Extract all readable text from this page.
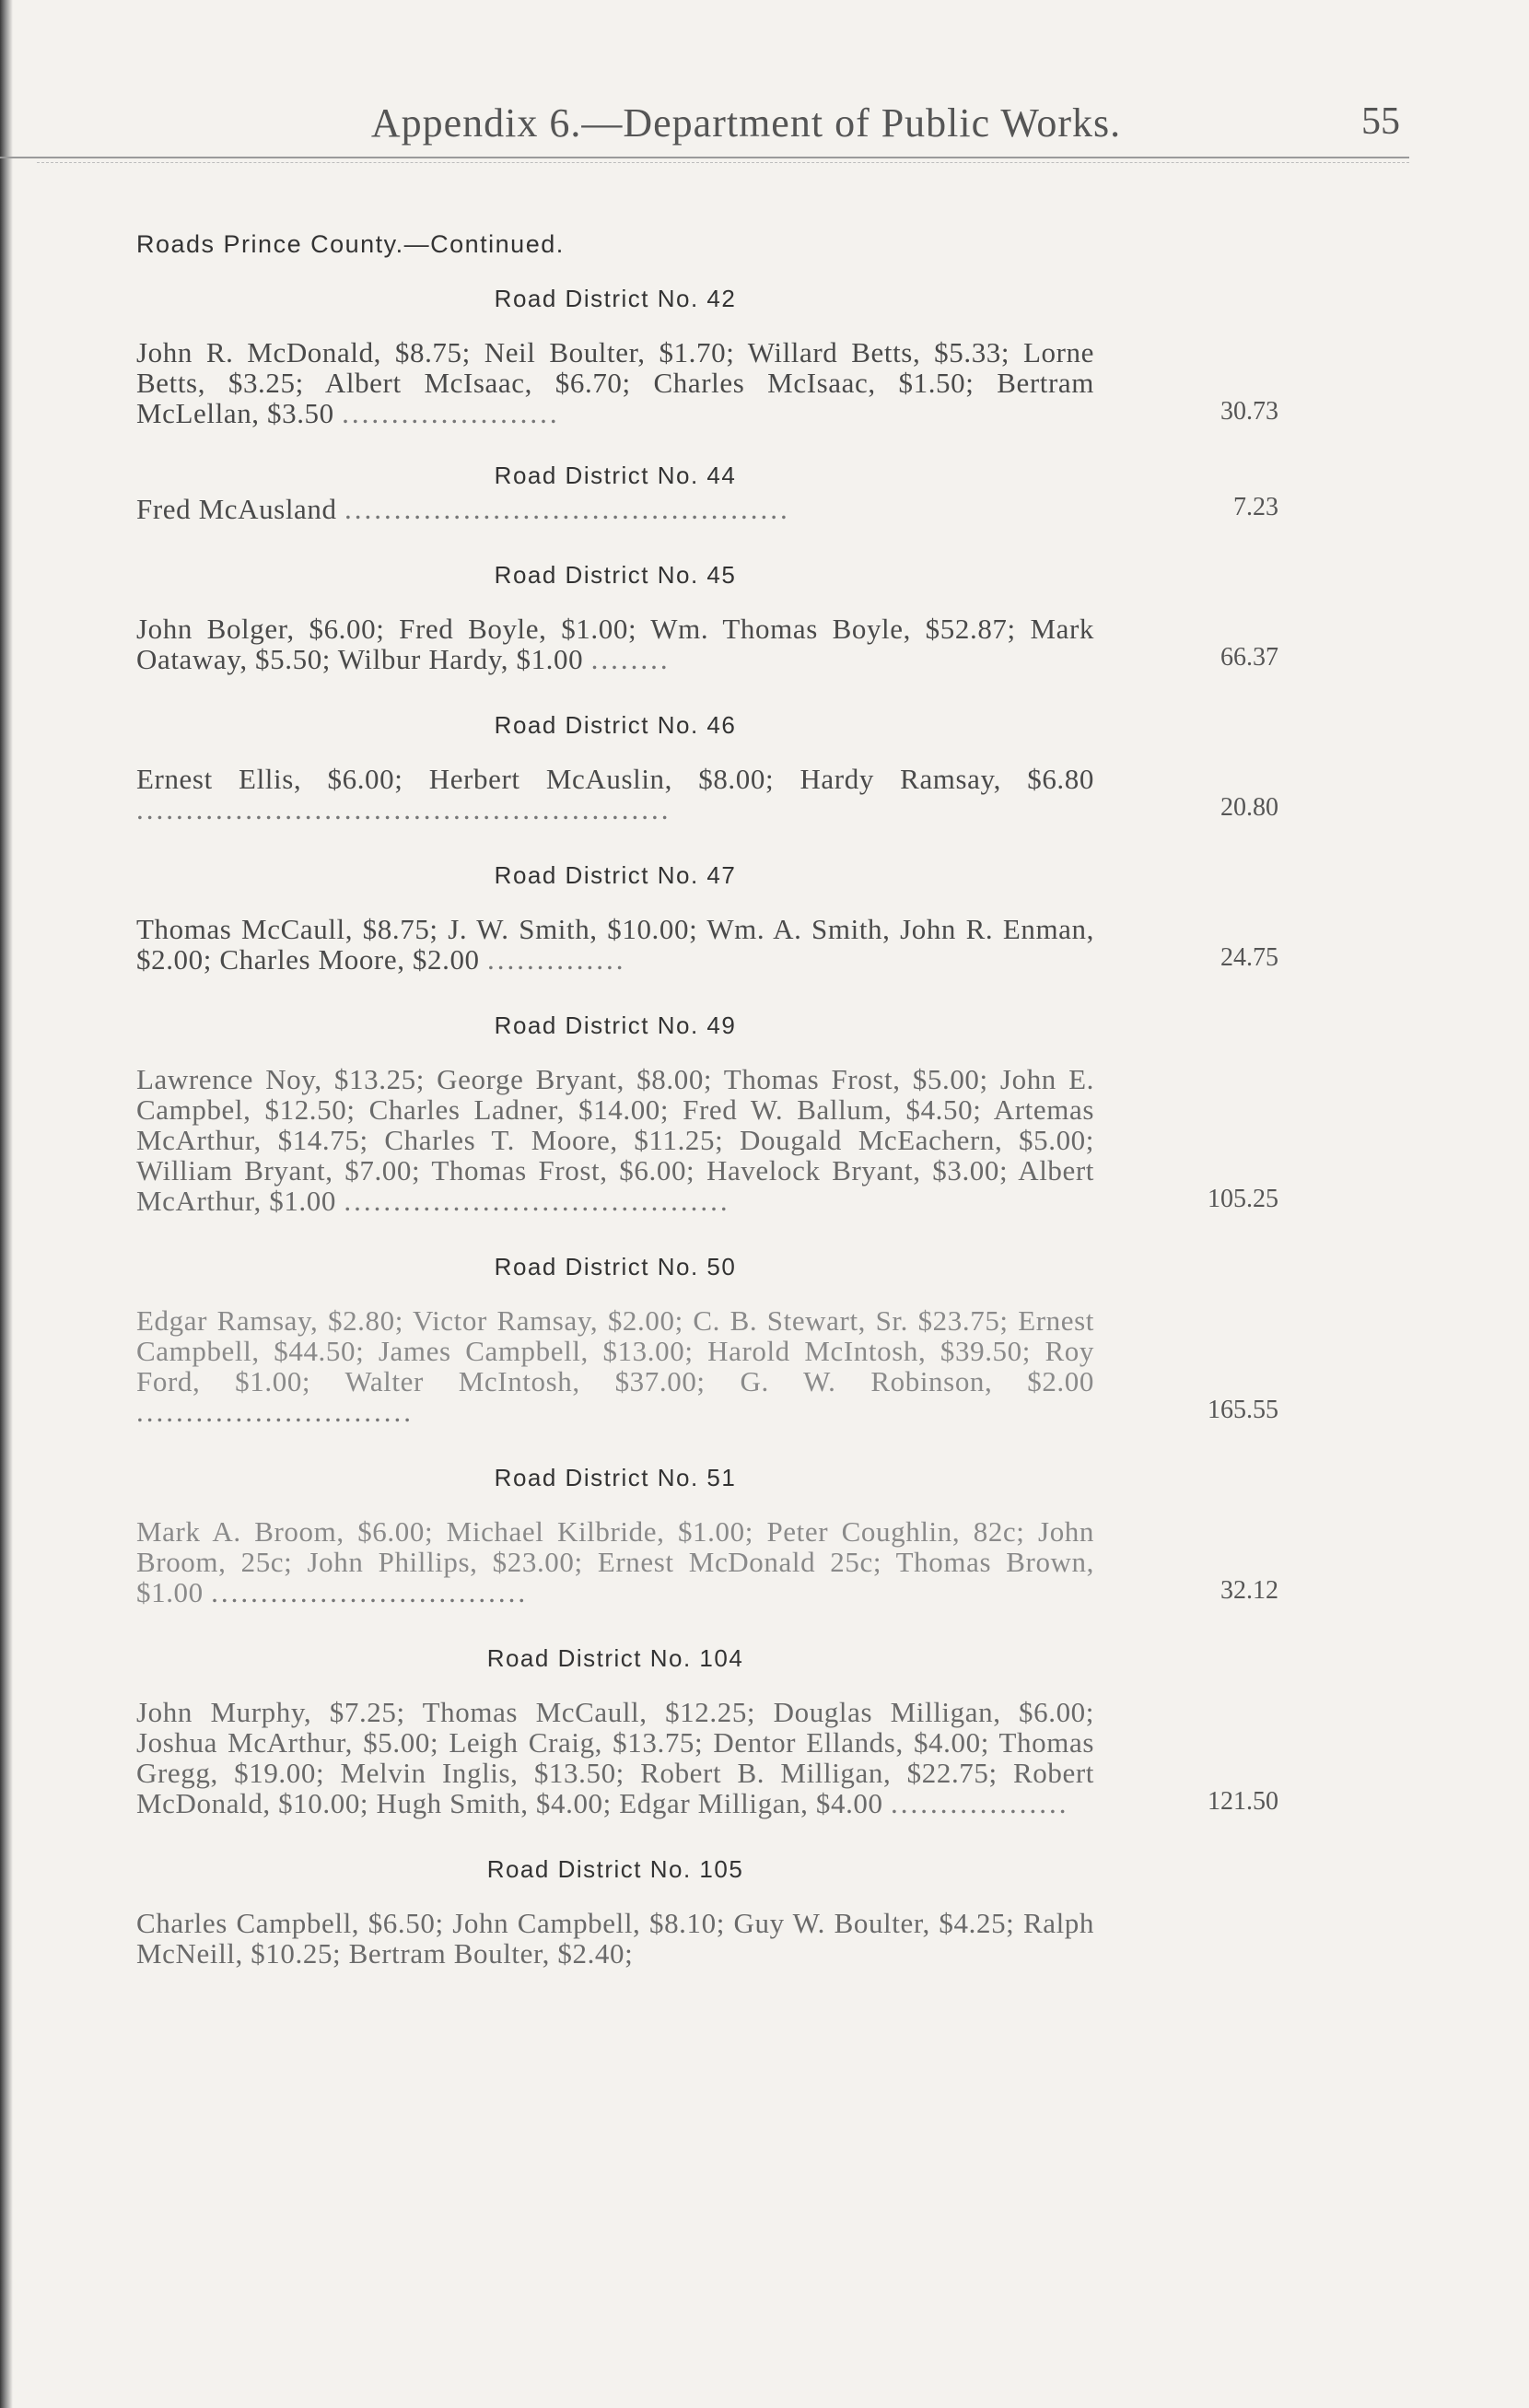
Appendix 6.—Department of Public Works.	55
Roads Prince County.—Continued.
Road District No. 42
John R. McDonald, $8.75; Neil Boulter, $1.70; Willard Betts, $5.33; Lorne Betts, $3.25; Albert McIsaac, $6.70; Charles McIsaac, $1.50; Bertram McLellan, $3.50 ......................	30.73
Road District No. 44
Fred McAusland .............................................	7.23
Road District No. 45
John Bolger, $6.00; Fred Boyle, $1.00; Wm. Thomas Boyle, $52.87; Mark Oataway, $5.50; Wilbur Hardy, $1.00 ........	66.37
Road District No. 46
Ernest Ellis, $6.00; Herbert McAuslin, $8.00; Hardy Ramsay, $6.80 ......................................................	20.80
Road District No. 47
Thomas McCaull, $8.75; J. W. Smith, $10.00; Wm. A. Smith, John R. Enman, $2.00; Charles Moore, $2.00 ..............	24.75
Road District No. 49
Lawrence Noy, $13.25; George Bryant, $8.00; Thomas Frost, $5.00; John E. Campbel, $12.50; Charles Ladner, $14.00; Fred W. Ballum, $4.50; Artemas McArthur, $14.75; Charles T. Moore, $11.25; Dougald McEachern, $5.00; William Bryant, $7.00; Thomas Frost, $6.00; Havelock Bryant, $3.00; Albert McArthur, $1.00 .......................................	105.25
Road District No. 50
Edgar Ramsay, $2.80; Victor Ramsay, $2.00; C. B. Stewart, Sr. $23.75; Ernest Campbell, $44.50; James Campbell, $13.00; Harold McIntosh, $39.50; Roy Ford, $1.00; Walter McIntosh, $37.00; G. W. Robinson, $2.00 ............................	165.55
Road District No. 51
Mark A. Broom, $6.00; Michael Kilbride, $1.00; Peter Coughlin, 82c; John Broom, 25c; John Phillips, $23.00; Ernest McDonald 25c; Thomas Brown, $1.00 ................................	32.12
Road District No. 104
John Murphy, $7.25; Thomas McCaull, $12.25; Douglas Milligan, $6.00; Joshua McArthur, $5.00; Leigh Craig, $13.75; Dentor Ellands, $4.00; Thomas Gregg, $19.00; Melvin Inglis, $13.50; Robert B. Milligan, $22.75; Robert McDonald, $10.00; Hugh Smith, $4.00; Edgar Milligan, $4.00 ..................	121.50
Road District No. 105
Charles Campbell, $6.50; John Campbell, $8.10; Guy W. Boulter, $4.25; Ralph McNeill, $10.25; Bertram Boulter, $2.40;
